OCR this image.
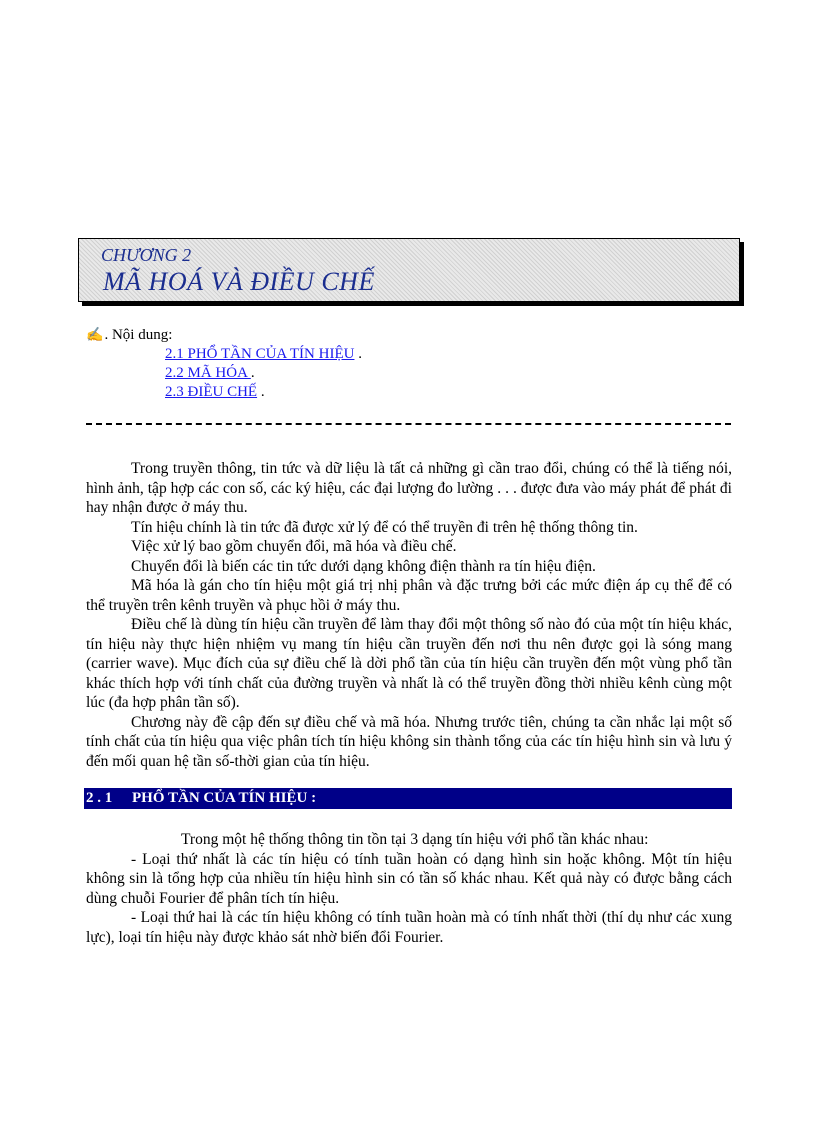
CHƯƠNG 2
MÃ HOÁ VÀ ĐIỀU CHẾ
✍. Nội dung:
2.1 PHỔ TẦN CỦA TÍN HIỆU .
2.2 MÃ HÓA .
2.3 ĐIỀU CHẾ .

Trong truyền thông, tin tức và dữ liệu là tất cả những gì cần trao đổi, chúng có thể là tiếng nói, hình ảnh, tập hợp các con số, các ký hiệu, các đại lượng đo lường . . . được đưa vào máy phát để phát đi hay nhận được ở máy thu.

Tín hiệu chính là tin tức đã được xử lý để có thể truyền đi trên hệ thống thông tin.

Việc xử lý bao gồm chuyển đổi, mã hóa và điều chế.

Chuyển đổi là biến các tin tức dưới dạng không điện thành ra tín hiệu điện.

Mã hóa là gán cho tín hiệu một giá trị nhị phân và đặc trưng bởi các mức điện áp cụ thể để có thể truyền trên kênh truyền và phục hồi ở máy thu.

Điều chế là dùng tín hiệu cần truyền để làm thay đổi một thông số nào đó của một tín hiệu khác, tín hiệu này thực hiện nhiệm vụ mang tín hiệu cần truyền đến nơi thu nên được gọi là sóng mang (carrier wave). Mục đích của sự điều chế là dời phổ tần của tín hiệu cần truyền đến một vùng phổ tần khác thích hợp với tính chất của đường truyền và nhất là có thể truyền đồng thời nhiều kênh cùng một lúc (đa hợp phân tần số).

Chương này đề cập đến sự điều chế và mã hóa. Nhưng trước tiên, chúng ta cần nhắc lại một số tính chất của tín hiệu qua việc phân tích tín hiệu không sin thành tổng của các tín hiệu hình sin và lưu ý đến mối quan hệ tần số-thời gian của tín hiệu.

2 . 1 PHỔ TẦN CỦA TÍN HIỆU :

Trong một hệ thống thông tin tồn tại 3 dạng tín hiệu với phổ tần khác nhau:

- Loại thứ nhất là các tín hiệu có tính tuần hoàn có dạng hình sin hoặc không. Một tín hiệu không sin là tổng hợp của nhiều tín hiệu hình sin có tần số khác nhau. Kết quả này có được bằng cách dùng chuỗi Fourier để phân tích tín hiệu.

- Loại thứ hai là các tín hiệu không có tính tuần hoàn mà có tính nhất thời (thí dụ như các xung lực), loại tín hiệu này được khảo sát nhờ biến đổi Fourier.
